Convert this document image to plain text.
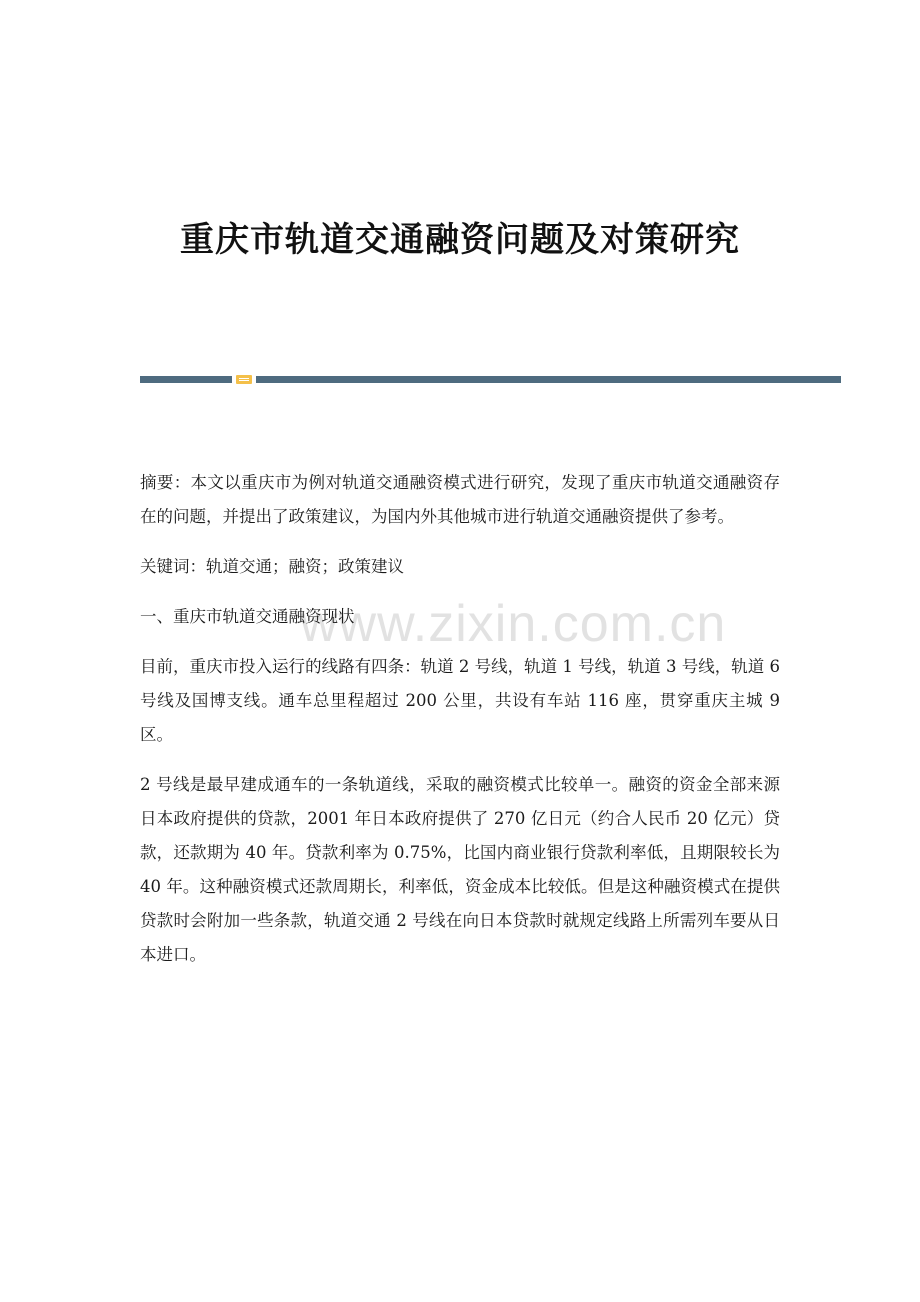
重庆市轨道交通融资问题及对策研究
www.zixin.com.cn

摘要：本文以重庆市为例对轨道交通融资模式进行研究，发现了重庆市轨道交通融资存在的问题，并提出了政策建议，为国内外其他城市进行轨道交通融资提供了参考。

关键词：轨道交通；融资；政策建议

一、重庆市轨道交通融资现状

目前，重庆市投入运行的线路有四条：轨道 2 号线，轨道 1 号线，轨道 3 号线，轨道 6 号线及国博支线。通车总里程超过 200 公里，共设有车站 116 座，贯穿重庆主城 9 区。

2 号线是最早建成通车的一条轨道线，采取的融资模式比较单一。融资的资金全部来源日本政府提供的贷款，2001 年日本政府提供了 270 亿日元（约合人民币 20 亿元）贷款，还款期为 40 年。贷款利率为 0.75%，比国内商业银行贷款利率低，且期限较长为 40 年。这种融资模式还款周期长，利率低，资金成本比较低。但是这种融资模式在提供贷款时会附加一些条款，轨道交通 2 号线在向日本贷款时就规定线路上所需列车要从日本进口。
